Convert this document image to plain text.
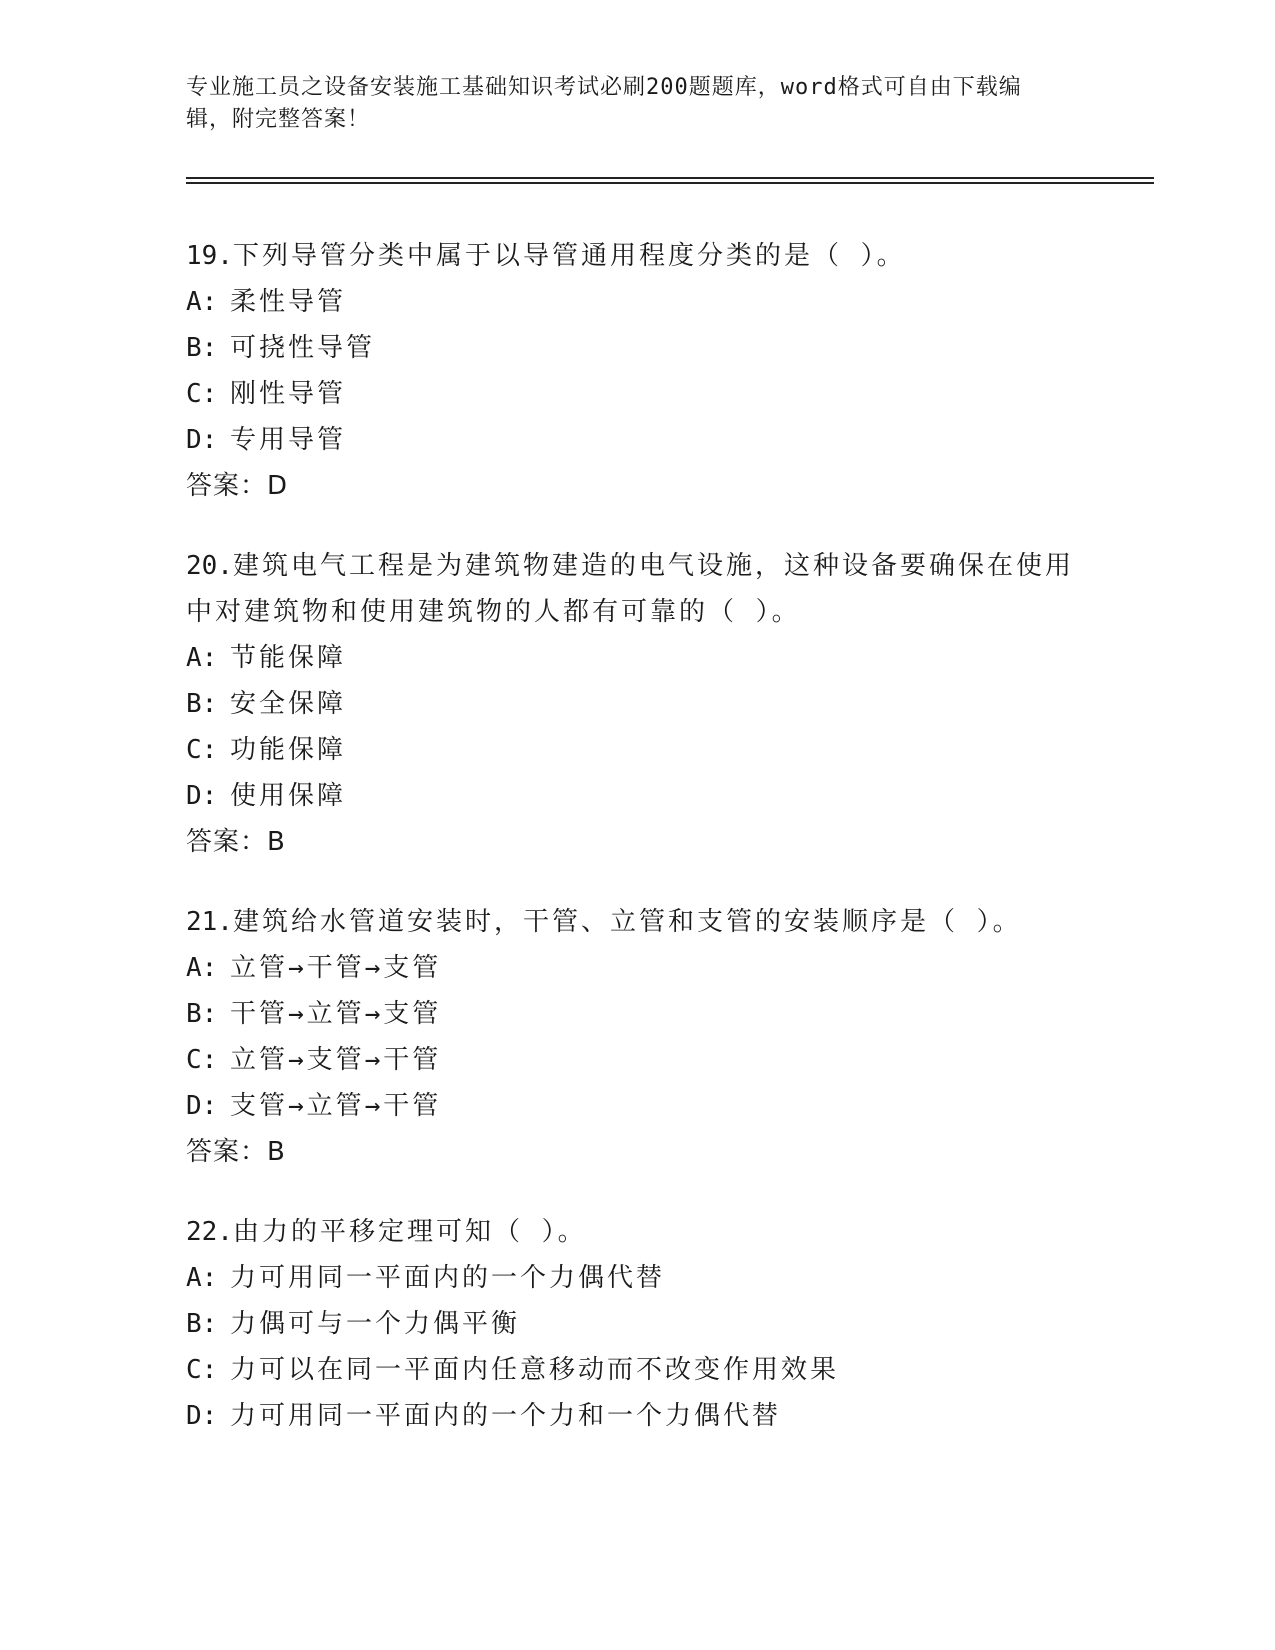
专业施工员之设备安装施工基础知识考试必刷200题题库，word格式可自由下载编辑，附完整答案！
19.下列导管分类中属于以导管通用程度分类的是（ ）。
A: 柔性导管
B: 可挠性导管
C: 刚性导管
D: 专用导管
答案：D
20.建筑电气工程是为建筑物建造的电气设施，这种设备要确保在使用中对建筑物和使用建筑物的人都有可靠的（ ）。
A: 节能保障
B: 安全保障
C: 功能保障
D: 使用保障
答案：B
21.建筑给水管道安装时，干管、立管和支管的安装顺序是（ ）。
A: 立管→干管→支管
B: 干管→立管→支管
C: 立管→支管→干管
D: 支管→立管→干管
答案：B
22.由力的平移定理可知（ ）。
A: 力可用同一平面内的一个力偶代替
B: 力偶可与一个力偶平衡
C: 力可以在同一平面内任意移动而不改变作用效果
D: 力可用同一平面内的一个力和一个力偶代替
